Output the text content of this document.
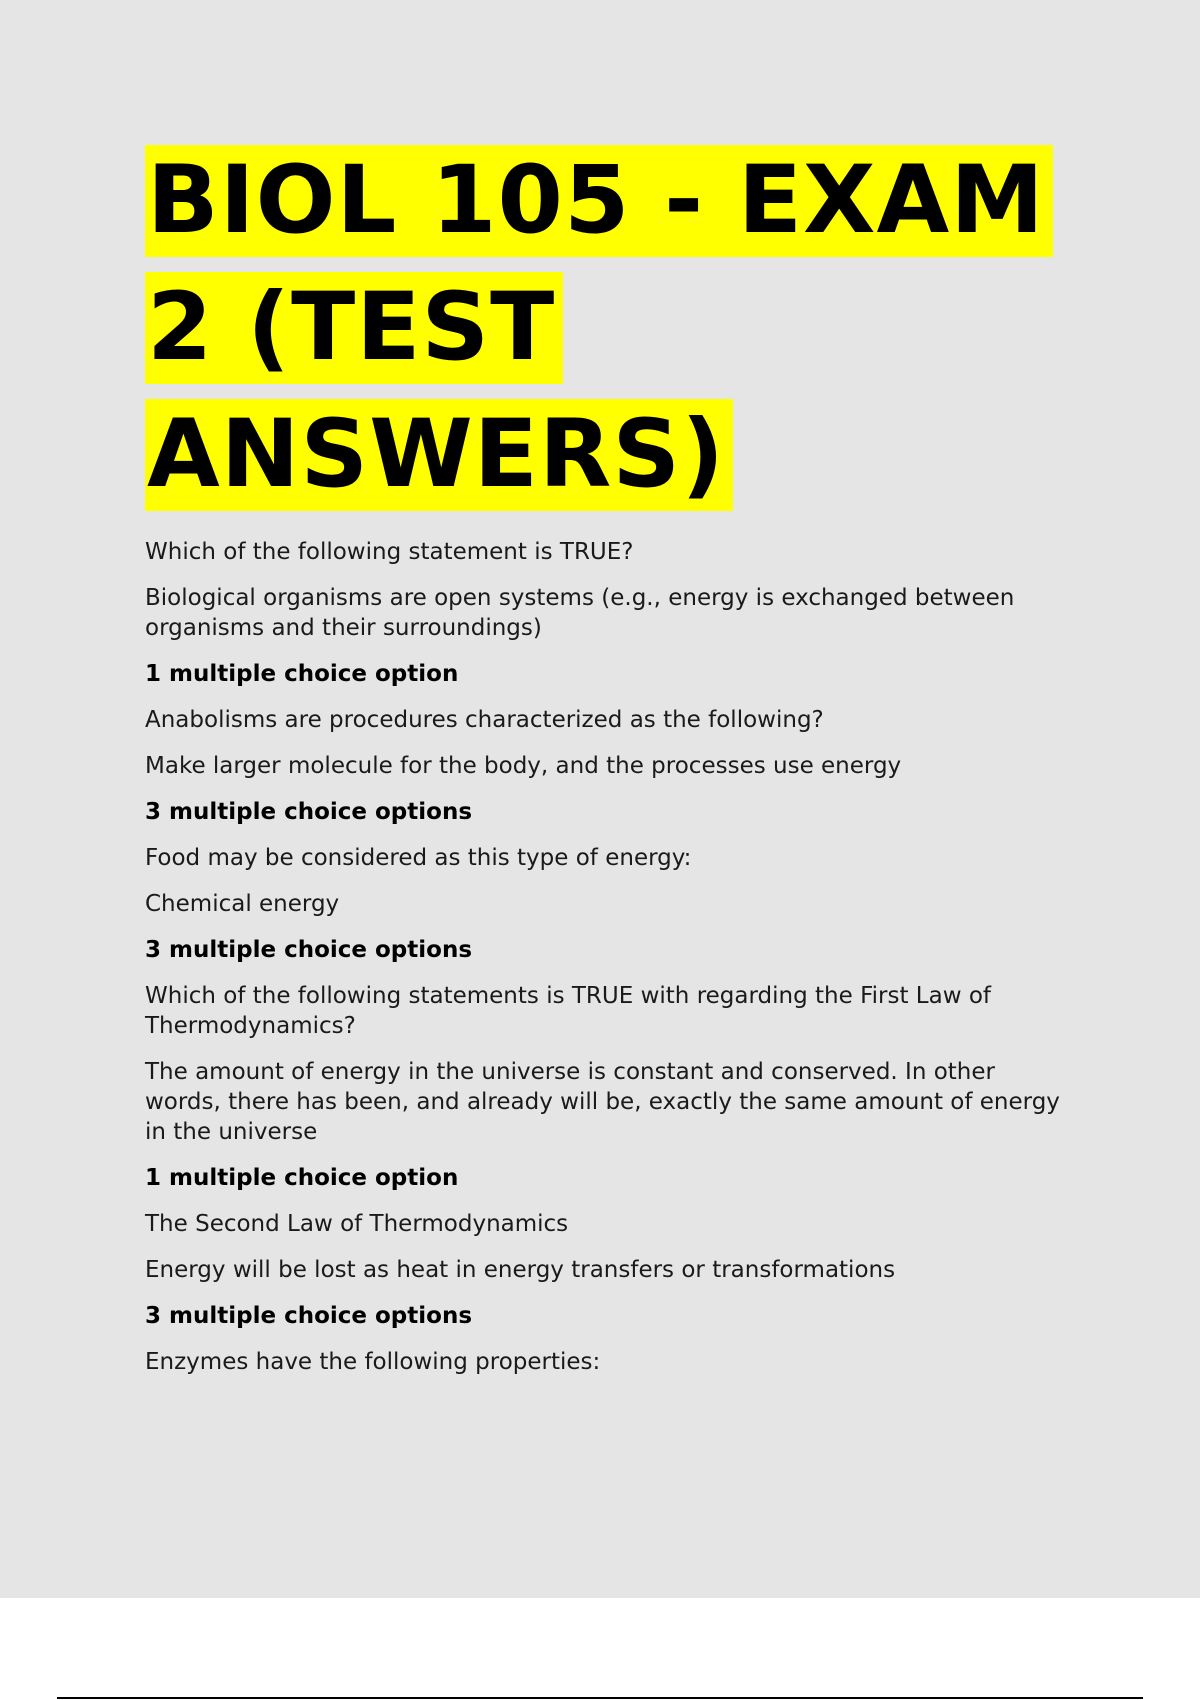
BIOL 105 - EXAM
2 (TEST
ANSWERS)

Which of the following statement is TRUE?

Biological organisms are open systems (e.g., energy is exchanged between organisms and their surroundings)

1 multiple choice option

Anabolisms are procedures characterized as the following?

Make larger molecule for the body, and the processes use energy

3 multiple choice options

Food may be considered as this type of energy:

Chemical energy

3 multiple choice options

Which of the following statements is TRUE with regarding the First Law of Thermodynamics?

The amount of energy in the universe is constant and conserved. In other words, there has been, and already will be, exactly the same amount of energy in the universe

1 multiple choice option

The Second Law of Thermodynamics

Energy will be lost as heat in energy transfers or transformations

3 multiple choice options

Enzymes have the following properties:
